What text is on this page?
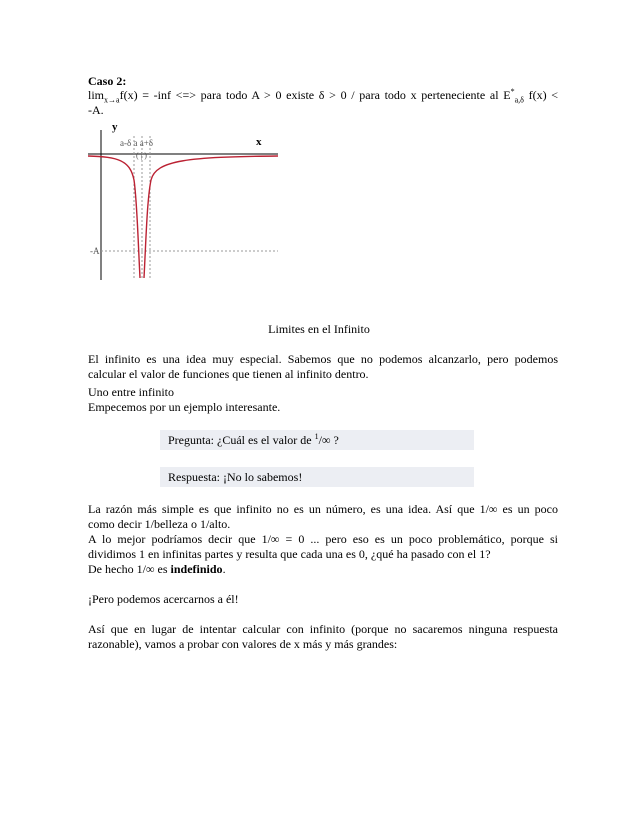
Caso 2:
$\lim_{x\to a}f(x) = -inf$ <=> para todo A > 0 existe δ > 0 / para todo x perteneciente al $E^*_{a,\delta}$ f(x) <
-A.
y
x
a-δ a a+δ
( | )
-A
Limites en el Infinito
El infinito es una idea muy especial. Sabemos que no podemos alcanzarlo, pero podemos
calcular el valor de funciones que tienen al infinito dentro.
Uno entre infinito
Empecemos por un ejemplo interesante.
Pregunta: ¿Cuál es el valor de $^1$/∞ ?
Respuesta: ¡No lo sabemos!
La razón más simple es que infinito no es un número, es una idea. Así que 1/∞ es un poco
como decir 1/belleza o 1/alto.
A lo mejor podríamos decir que 1/∞ = 0 ... pero eso es un poco problemático, porque si
dividimos 1 en infinitas partes y resulta que cada una es 0, ¿qué ha pasado con el 1?
De hecho 1/∞ es indefinido.
¡Pero podemos acercarnos a él!
Así que en lugar de intentar calcular con infinito (porque no sacaremos ninguna respuesta
razonable), vamos a probar con valores de x más y más grandes:
